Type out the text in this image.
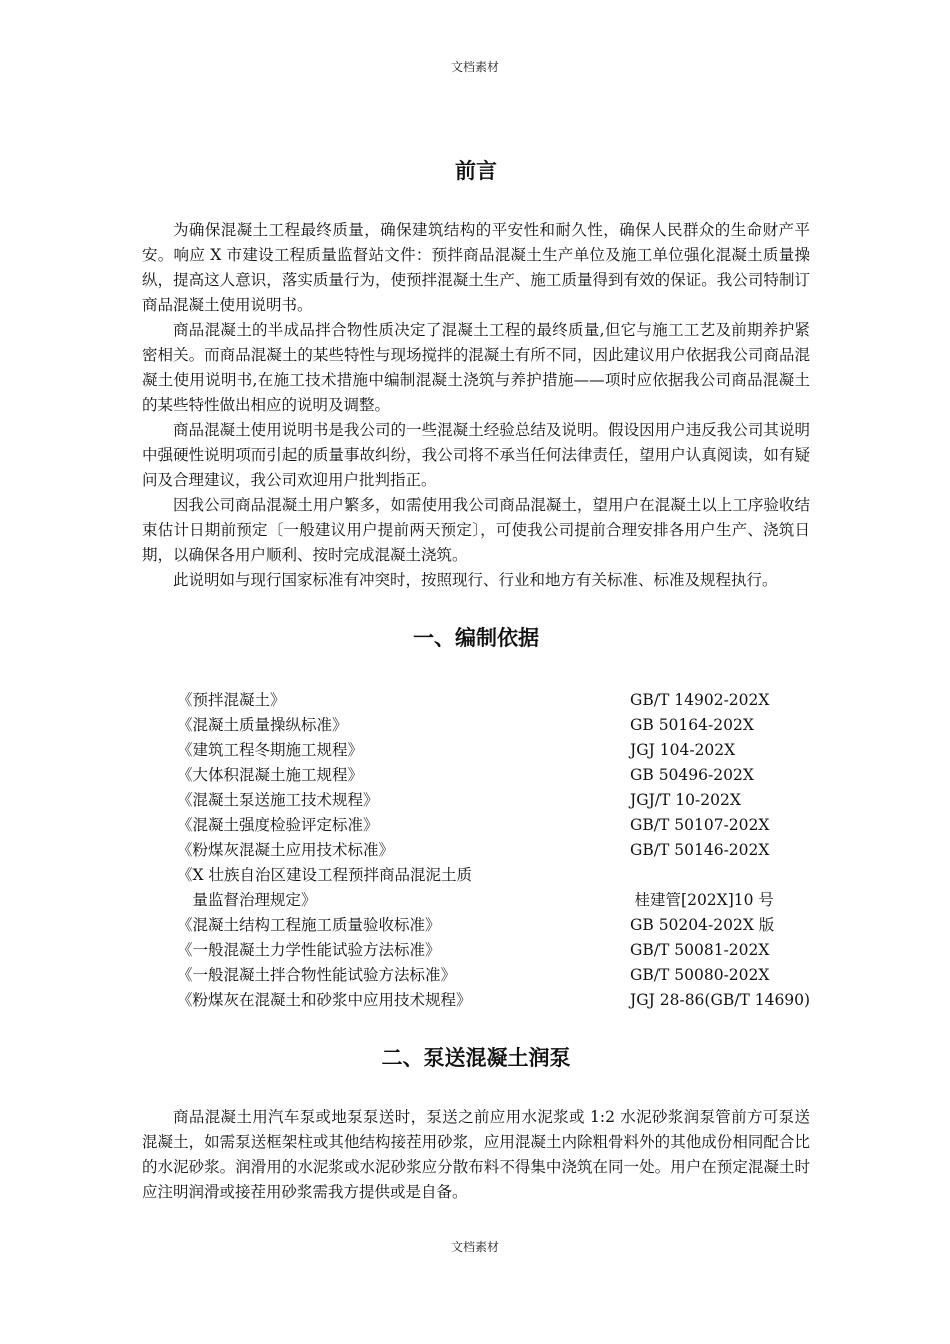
文档素材
前言

为确保混凝土工程最终质量，确保建筑结构的平安性和耐久性，确保人民群众的生命财产平安。响应 X 市建设工程质量监督站文件：预拌商品混凝土生产单位及施工单位强化混凝土质量操纵，提高这人意识，落实质量行为，使预拌混凝土生产、施工质量得到有效的保证。我公司特制订商品混凝土使用说明书。

商品混凝土的半成品拌合物性质决定了混凝土工程的最终质量,但它与施工工艺及前期养护紧密相关。而商品混凝土的某些特性与现场搅拌的混凝土有所不同，因此建议用户依据我公司商品混凝土使用说明书,在施工技术措施中编制混凝土浇筑与养护措施——项时应依据我公司商品混凝土的某些特性做出相应的说明及调整。

商品混凝土使用说明书是我公司的一些混凝土经验总结及说明。假设因用户违反我公司其说明中强硬性说明项而引起的质量事故纠纷，我公司将不承当任何法律责任，望用户认真阅读，如有疑问及合理建议，我公司欢迎用户批判指正。

因我公司商品混凝土用户繁多，如需使用我公司商品混凝土，望用户在混凝土以上工序验收结束估计日期前预定〔一般建议用户提前两天预定〕，可使我公司提前合理安排各用户生产、浇筑日期，以确保各用户顺利、按时完成混凝土浇筑。

此说明如与现行国家标准有冲突时，按照现行、行业和地方有关标准、标准及规程执行。

一、编制依据
《预拌混凝土》	GB/T 14902-202X
《混凝土质量操纵标准》	GB 50164-202X
《建筑工程冬期施工规程》	JGJ 104-202X
《大体积混凝土施工规程》	GB 50496-202X
《混凝土泵送施工技术规程》	JGJ/T 10-202X
《混凝土强度检验评定标准》	GB/T 50107-202X
《粉煤灰混凝土应用技术标准》	GB/T 50146-202X
《X 壮族自治区建设工程预拌商品混泥土质
量监督治理规定》	桂建管[202X]10 号
《混凝土结构工程施工质量验收标准》	GB 50204-202X 版
《一般混凝土力学性能试验方法标准》	GB/T 50081-202X
《一般混凝土拌合物性能试验方法标准》	GB/T 50080-202X
《粉煤灰在混凝土和砂浆中应用技术规程》	JGJ 28-86(GB/T 14690)
二、泵送混凝土润泵

商品混凝土用汽车泵或地泵泵送时，泵送之前应用水泥浆或 1:2 水泥砂浆润泵管前方可泵送混凝土，如需泵送框架柱或其他结构接茬用砂浆，应用混凝土内除粗骨料外的其他成份相同配合比的水泥砂浆。润滑用的水泥浆或水泥砂浆应分散布料不得集中浇筑在同一处。用户在预定混凝土时应注明润滑或接茬用砂浆需我方提供或是自备。

文档素材
